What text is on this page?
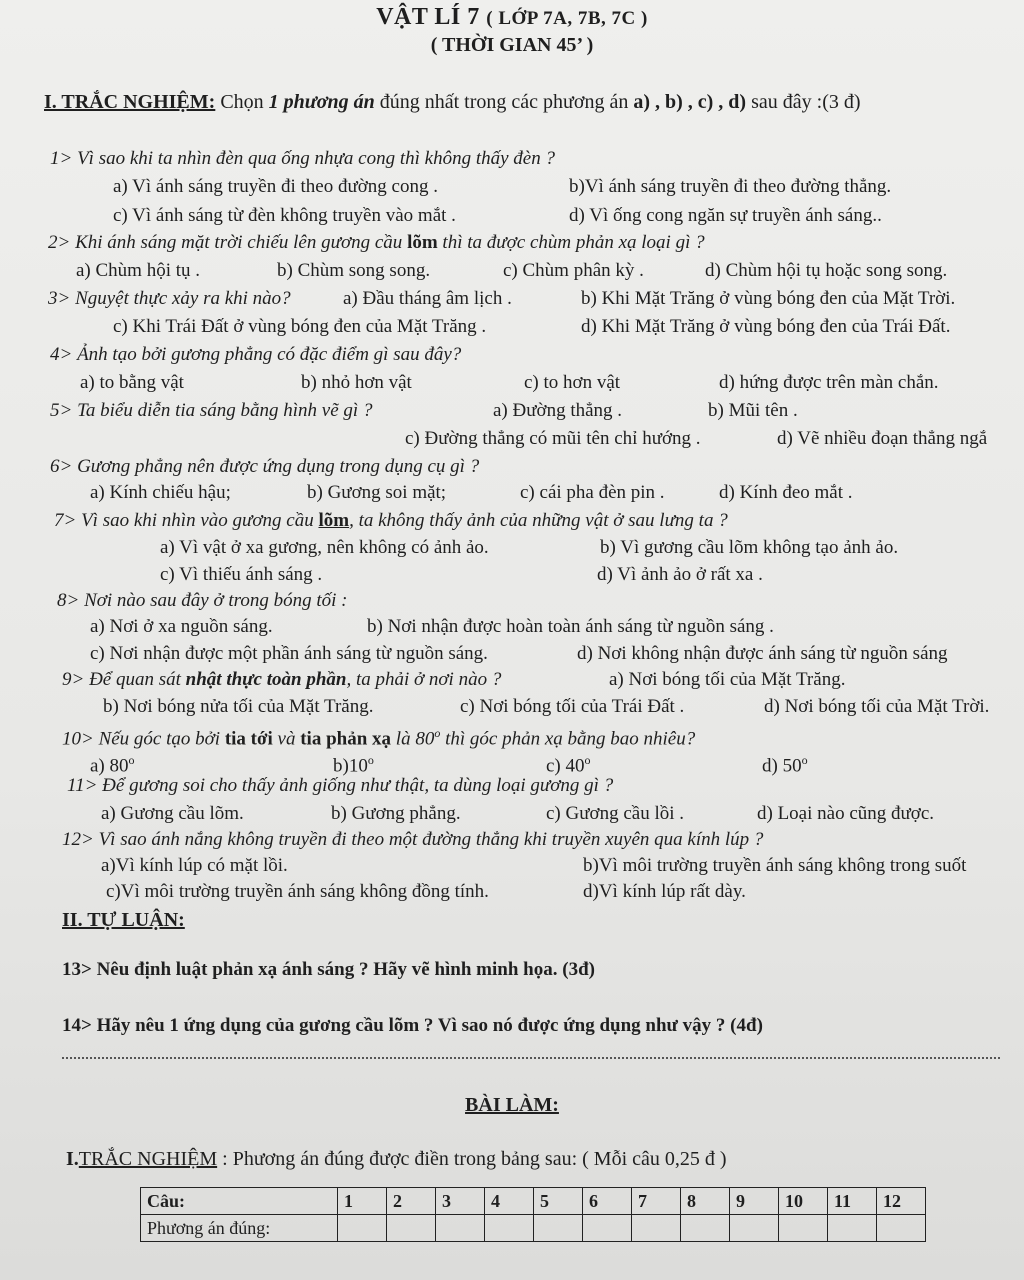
VẬT LÍ 7 ( LỚP 7A, 7B, 7C )
( THỜI GIAN 45’ )
I. TRẮC NGHIỆM: Chọn 1 phương án đúng nhất trong các phương án a) , b) , c) , d) sau đây :(3 đ)
1> Vì sao khi ta nhìn đèn qua ống nhựa cong thì không thấy đèn ?
a) Vì ánh sáng truyền đi theo đường cong .	b)Vì ánh sáng truyền đi theo đường thẳng.
c) Vì ánh sáng từ đèn không truyền vào mắt .	d) Vì ống cong ngăn sự truyền ánh sáng..
2> Khi ánh sáng mặt trời chiếu lên gương cầu lõm thì ta được chùm phản xạ loại gì ?
a) Chùm hội tụ .	b) Chùm song song.	c) Chùm phân kỳ .	d) Chùm hội tụ hoặc song song.
3> Nguyệt thực xảy ra khi nào?	a) Đầu tháng âm lịch .	b) Khi Mặt Trăng ở vùng bóng đen của Mặt Trời.
c) Khi Trái Đất ở vùng bóng đen của Mặt Trăng .	d) Khi Mặt Trăng ở vùng bóng đen của Trái Đất.
4> Ảnh tạo bởi gương phẳng có đặc điểm gì sau đây?
a) to bằng vật	b) nhỏ hơn vật	c) to hơn vật	d) hứng được trên màn chắn.
5> Ta biểu diễn tia sáng bằng hình vẽ gì ?	a) Đường thẳng .	b) Mũi tên .
c) Đường thẳng có mũi tên chỉ hướng .	d) Vẽ nhiều đoạn thẳng ngắ
6> Gương phẳng nên được ứng dụng trong dụng cụ gì ?
a) Kính chiếu hậu;	b) Gương soi mặt;	c) cái pha đèn pin .	d) Kính đeo mắt .
7> Vì sao khi nhìn vào gương cầu lõm, ta không thấy ảnh của những vật ở sau lưng ta ?
a) Vì vật ở xa gương, nên không có ảnh ảo.	b) Vì gương cầu lõm không tạo ảnh ảo.
c) Vì thiếu ánh sáng .	d) Vì ảnh ảo ở rất xa .
8> Nơi nào sau đây ở trong bóng tối :
a) Nơi ở xa nguồn sáng.	b) Nơi nhận được hoàn toàn ánh sáng từ nguồn sáng .
c) Nơi nhận được một phần ánh sáng từ nguồn sáng.	d) Nơi không nhận được ánh sáng từ nguồn sáng
9> Để quan sát nhật thực toàn phần, ta phải ở nơi nào ?	a) Nơi bóng tối của Mặt Trăng.
b) Nơi bóng nửa tối của Mặt Trăng.	c) Nơi bóng tối của Trái Đất .	d) Nơi bóng tối của Mặt Trời.
10> Nếu góc tạo bởi tia tới và tia phản xạ là 80$^o$ thì góc phản xạ bằng bao nhiêu?
a) 80$^o$	b)10$^o$	c) 40$^o$	d) 50$^o$
11> Để gương soi cho thấy ảnh giống như thật, ta dùng loại gương gì ?
a) Gương cầu lõm.	b) Gương phẳng.	c) Gương cầu lồi .	d) Loại nào cũng được.
12> Vì sao ánh nắng không truyền đi theo một đường thẳng khi truyền xuyên qua kính lúp ?
a)Vì kính lúp có mặt lồi.	b)Vì môi trường truyền ánh sáng không trong suốt
c)Vì môi trường truyền ánh sáng không đồng tính.	d)Vì kính lúp rất dày.
II. TỰ LUẬN:
13> Nêu định luật phản xạ ánh sáng ? Hãy vẽ hình minh họa. (3đ)
14> Hãy nêu 1 ứng dụng của gương cầu lõm ? Vì sao nó được ứng dụng như vậy ? (4đ)
BÀI LÀM:
I.TRẮC NGHIỆM : Phương án đúng được điền trong bảng sau: ( Mỗi câu 0,25 đ )
Câu:	1	2	3	4	5	6	7	8	9	10	11	12
Phương án đúng:												
